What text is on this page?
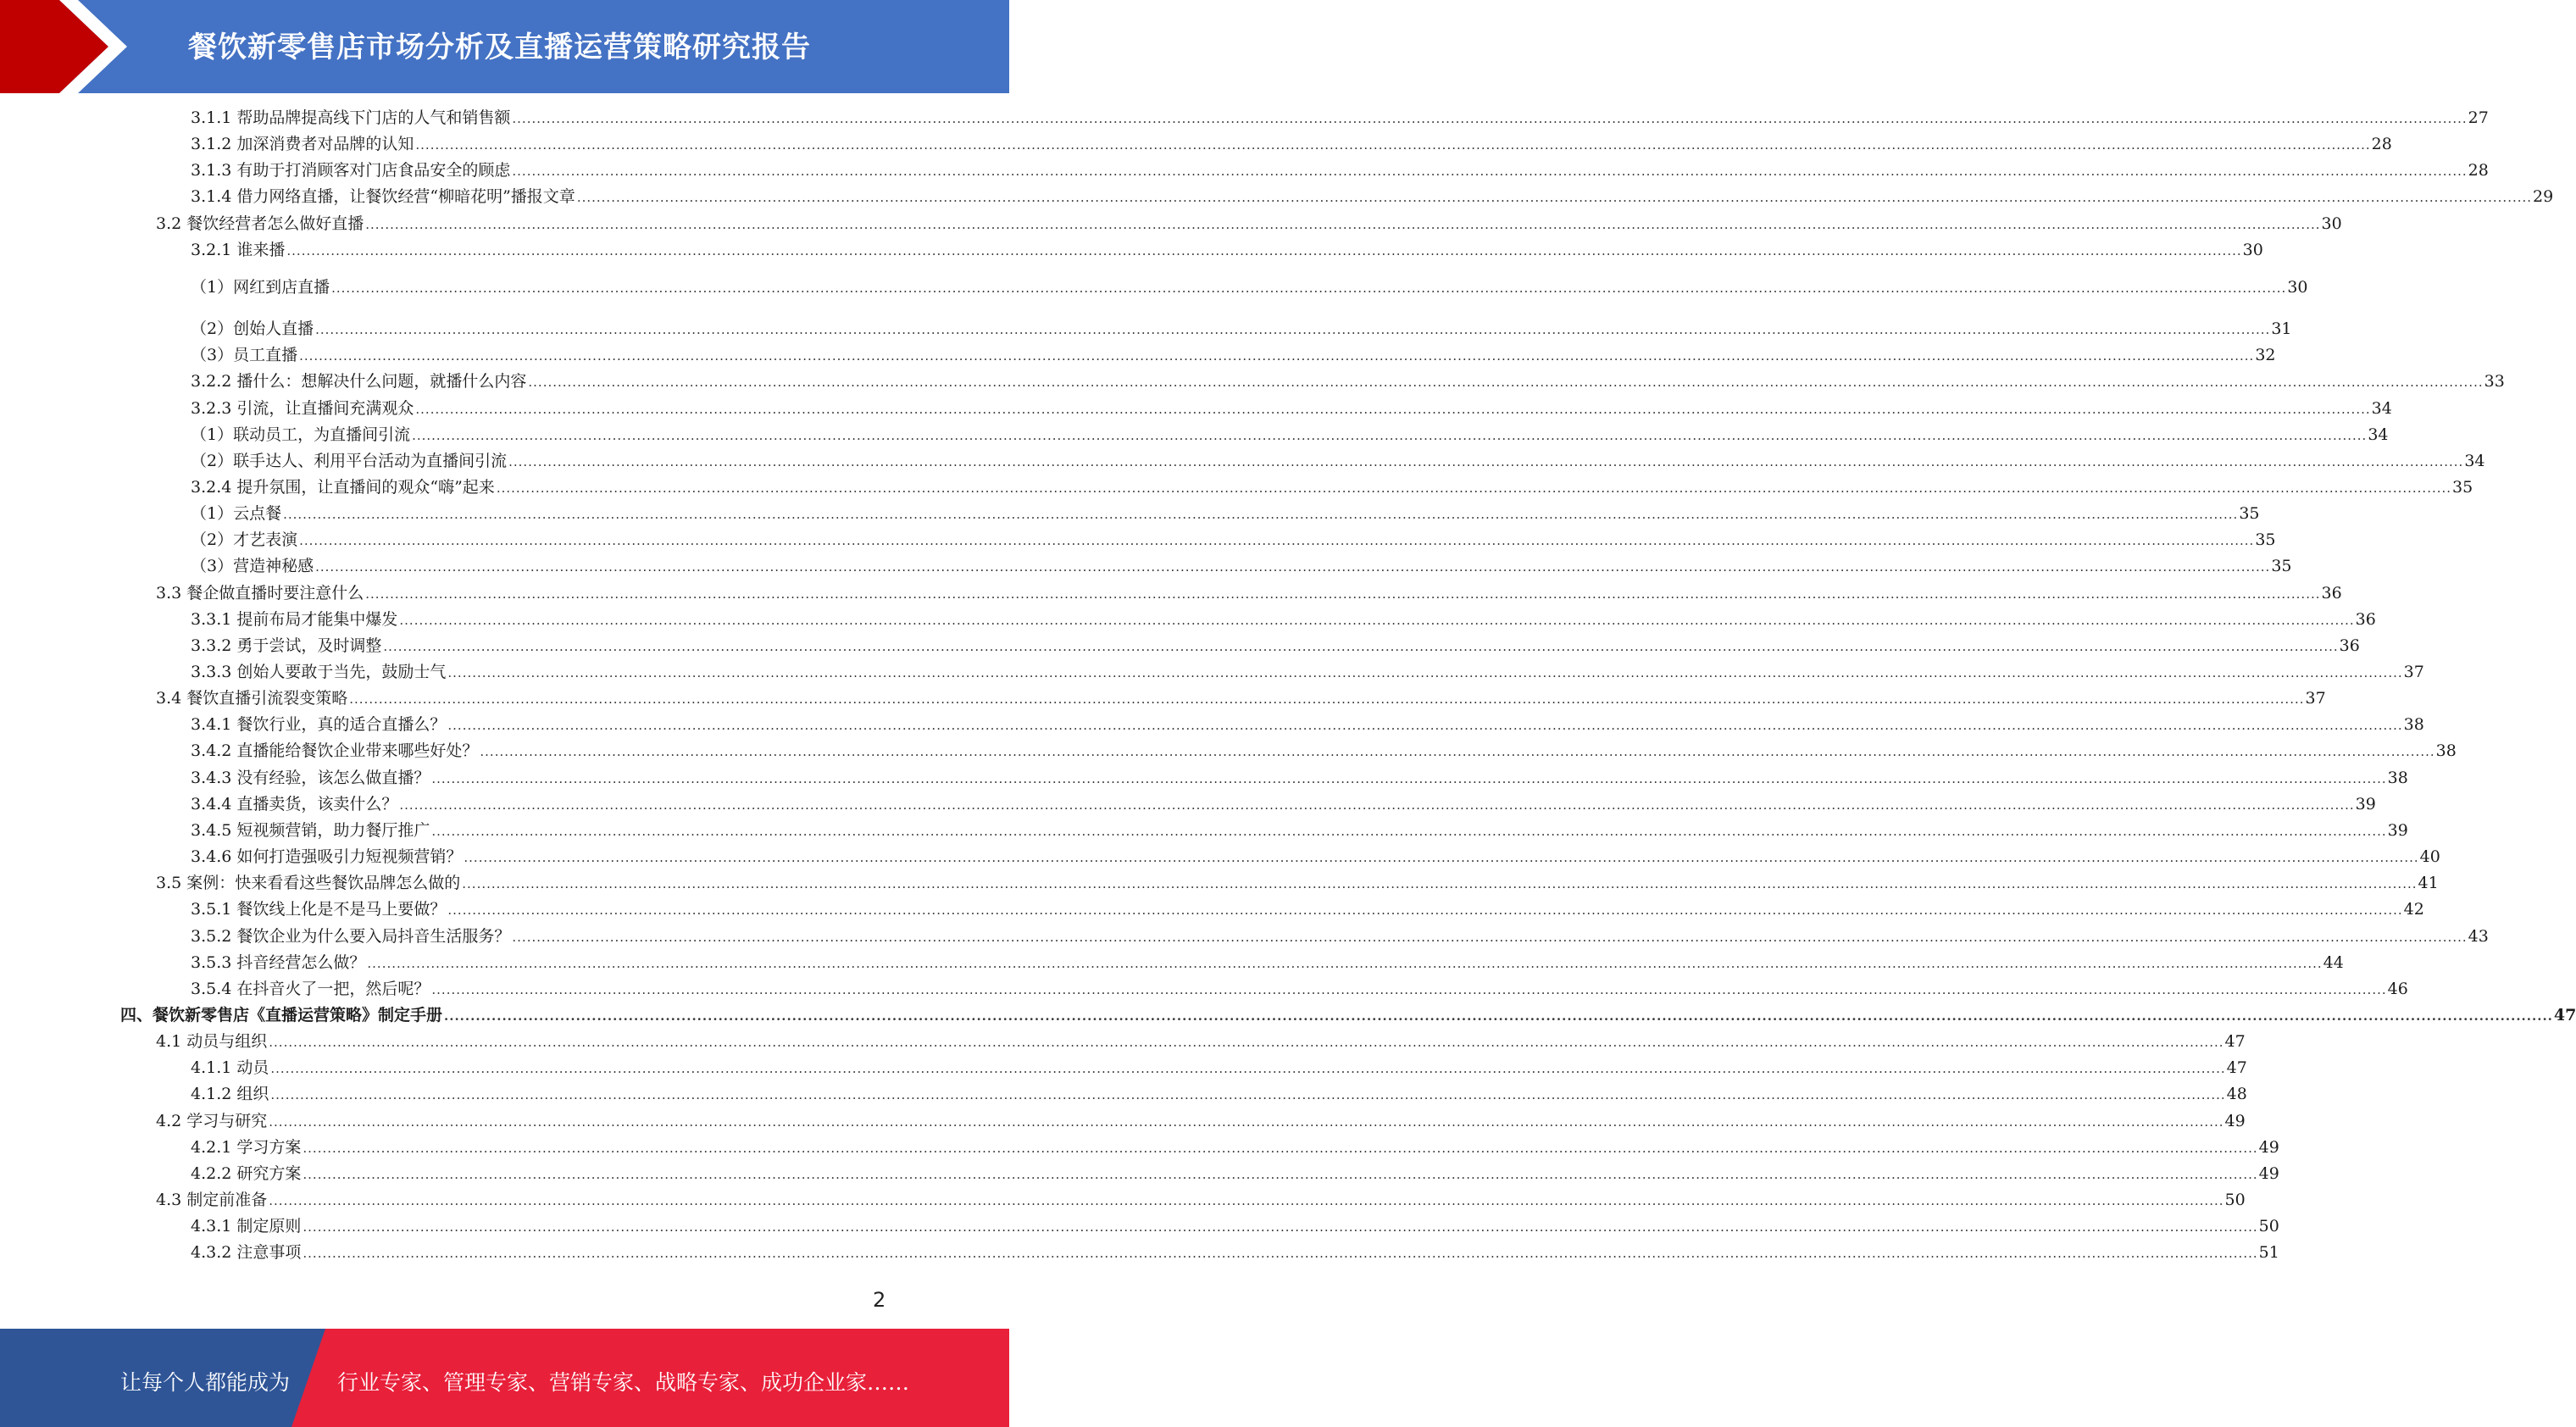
餐饮新零售店市场分析及直播运营策略研究报告
3.1.1 帮助品牌提高线下门店的人气和销售额 ................................................................................................................................................................................................................................................................................................................................................................................................................ 27
3.1.2 加深消费者对品牌的认知 ................................................................................................................................................................................................................................................................................................................................................................................................................ 28
3.1.3 有助于打消顾客对门店食品安全的顾虑 ................................................................................................................................................................................................................................................................................................................................................................................................................ 28
3.1.4 借力网络直播，让餐饮经营“柳暗花明”播报文章 ................................................................................................................................................................................................................................................................................................................................................................................................................ 29
3.2 餐饮经营者怎么做好直播 ................................................................................................................................................................................................................................................................................................................................................................................................................ 30
3.2.1 谁来播 ................................................................................................................................................................................................................................................................................................................................................................................................................ 30
（1）网红到店直播 ................................................................................................................................................................................................................................................................................................................................................................................................................ 30
（2）创始人直播 ................................................................................................................................................................................................................................................................................................................................................................................................................ 31
（3）员工直播 ................................................................................................................................................................................................................................................................................................................................................................................................................ 32
3.2.2 播什么：想解决什么问题，就播什么内容 ................................................................................................................................................................................................................................................................................................................................................................................................................ 33
3.2.3 引流，让直播间充满观众 ................................................................................................................................................................................................................................................................................................................................................................................................................ 34
（1）联动员工，为直播间引流 ................................................................................................................................................................................................................................................................................................................................................................................................................ 34
（2）联手达人、利用平台活动为直播间引流 ................................................................................................................................................................................................................................................................................................................................................................................................................ 34
3.2.4 提升氛围，让直播间的观众“嗨”起来 ................................................................................................................................................................................................................................................................................................................................................................................................................ 35
（1）云点餐 ................................................................................................................................................................................................................................................................................................................................................................................................................ 35
（2）才艺表演 ................................................................................................................................................................................................................................................................................................................................................................................................................ 35
（3）营造神秘感 ................................................................................................................................................................................................................................................................................................................................................................................................................ 35
3.3 餐企做直播时要注意什么 ................................................................................................................................................................................................................................................................................................................................................................................................................ 36
3.3.1 提前布局才能集中爆发 ................................................................................................................................................................................................................................................................................................................................................................................................................ 36
3.3.2 勇于尝试，及时调整 ................................................................................................................................................................................................................................................................................................................................................................................................................ 36
3.3.3 创始人要敢于当先，鼓励士气 ................................................................................................................................................................................................................................................................................................................................................................................................................ 37
3.4 餐饮直播引流裂变策略 ................................................................................................................................................................................................................................................................................................................................................................................................................ 37
3.4.1 餐饮行业，真的适合直播么？ ................................................................................................................................................................................................................................................................................................................................................................................................................ 38
3.4.2 直播能给餐饮企业带来哪些好处？ ................................................................................................................................................................................................................................................................................................................................................................................................................ 38
3.4.3 没有经验，该怎么做直播？ ................................................................................................................................................................................................................................................................................................................................................................................................................ 38
3.4.4 直播卖货，该卖什么？ ................................................................................................................................................................................................................................................................................................................................................................................................................ 39
3.4.5 短视频营销，助力餐厅推广 ................................................................................................................................................................................................................................................................................................................................................................................................................ 39
3.4.6 如何打造强吸引力短视频营销？ ................................................................................................................................................................................................................................................................................................................................................................................................................ 40
3.5 案例：快来看看这些餐饮品牌怎么做的 ................................................................................................................................................................................................................................................................................................................................................................................................................ 41
3.5.1 餐饮线上化是不是马上要做？ ................................................................................................................................................................................................................................................................................................................................................................................................................ 42
3.5.2 餐饮企业为什么要入局抖音生活服务？ ................................................................................................................................................................................................................................................................................................................................................................................................................ 43
3.5.3 抖音经营怎么做？ ................................................................................................................................................................................................................................................................................................................................................................................................................ 44
3.5.4 在抖音火了一把，然后呢？ ................................................................................................................................................................................................................................................................................................................................................................................................................ 46
四、餐饮新零售店《直播运营策略》制定手册 ................................................................................................................................................................................................................................................................................................................................................................................................................ 47
4.1 动员与组织 ................................................................................................................................................................................................................................................................................................................................................................................................................ 47
4.1.1 动员 ................................................................................................................................................................................................................................................................................................................................................................................................................ 47
4.1.2 组织 ................................................................................................................................................................................................................................................................................................................................................................................................................ 48
4.2 学习与研究 ................................................................................................................................................................................................................................................................................................................................................................................................................ 49
4.2.1 学习方案 ................................................................................................................................................................................................................................................................................................................................................................................................................ 49
4.2.2 研究方案 ................................................................................................................................................................................................................................................................................................................................................................................................................ 49
4.3 制定前准备 ................................................................................................................................................................................................................................................................................................................................................................................................................ 50
4.3.1 制定原则 ................................................................................................................................................................................................................................................................................................................................................................................................................ 50
4.3.2 注意事项 ................................................................................................................................................................................................................................................................................................................................................................................................................ 51
2
让每个人都能成为 行业专家、管理专家、营销专家、战略专家、成功企业家……
